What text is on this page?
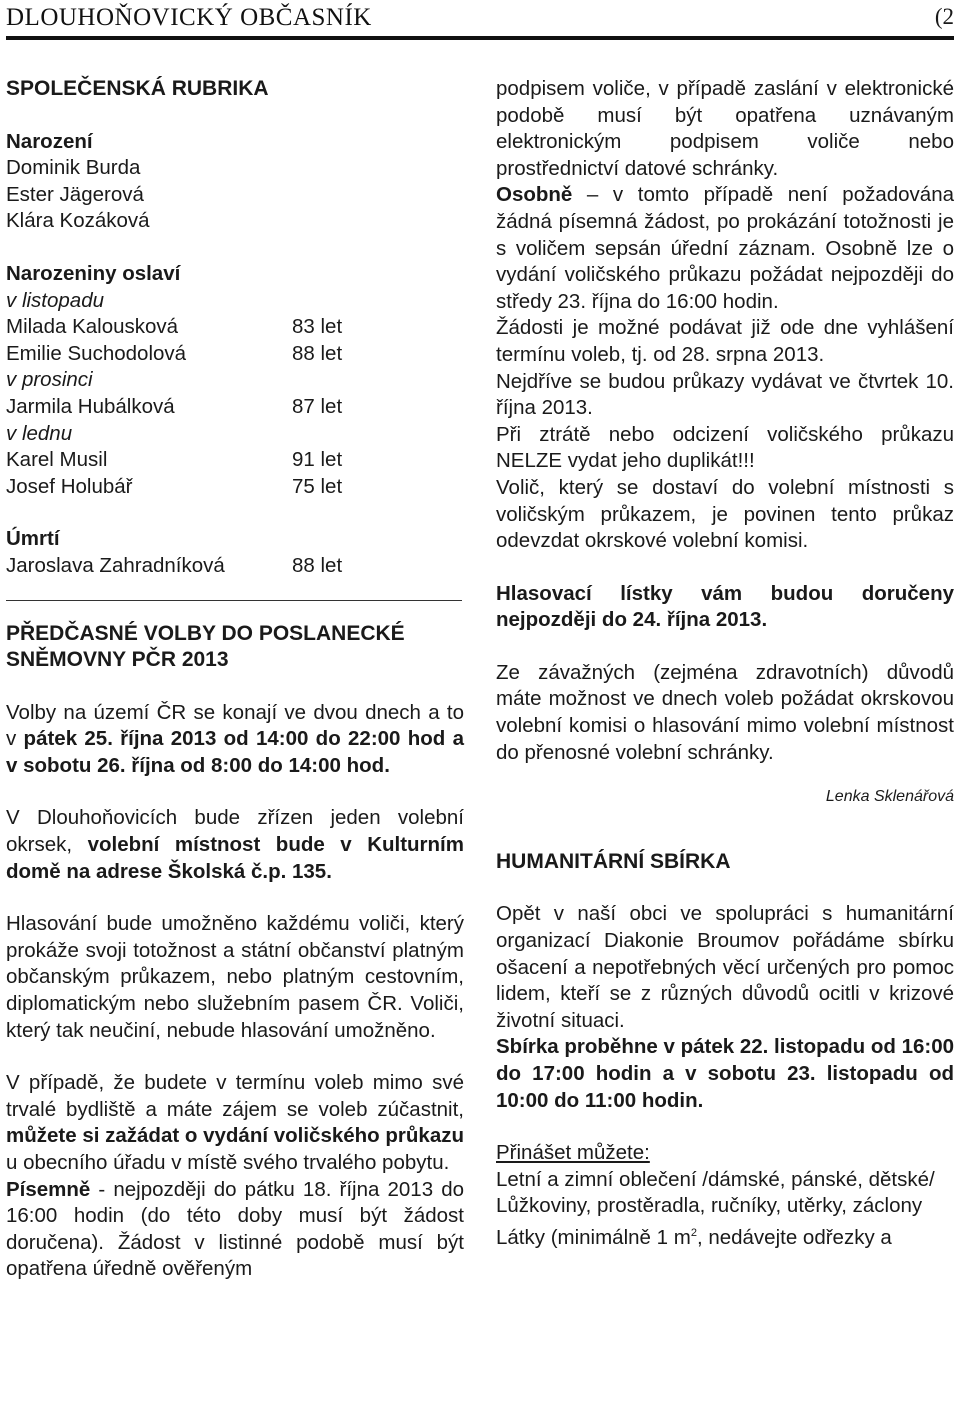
DLOUHOŇOVICKÝ OBČASNÍK	(2

SPOLEČENSKÁ RUBRIKA

Narození

Dominik Burda

Ester Jägerová

Klára Kozáková

Narozeniny oslaví

v listopadu

Milada Kalousková	83 let
Emilie Suchodolová	88 let

v prosinci

Jarmila Hubálková	87 let

v lednu

Karel Musil	91 let
Josef Holubář	75 let

Úmrtí

Jaroslava Zahradníková	88 let

PŘEDČASNÉ VOLBY DO POSLANECKÉ
SNĚMOVNY PČR 2013

Volby na území ČR se konají ve dvou dnech a to v pátek 25. října 2013 od 14:00 do 22:00 hod a v sobotu 26. října od 8:00 do 14:00 hod.

V Dlouhoňovicích bude zřízen jeden volební okrsek, volební místnost bude v Kulturním domě na adrese Školská č.p. 135.

Hlasování bude umožněno každému voliči, který prokáže svoji totožnost a státní občanství platným občanským průkazem, nebo platným cestovním, diplomatickým nebo služebním pasem ČR. Voliči, který tak neučiní, nebude hlasování umožněno.

V případě, že budete v termínu voleb mimo své trvalé bydliště a máte zájem se voleb zúčastnit, můžete si zažádat o vydání voličského průkazu u obecního úřadu v místě svého trvalého pobytu.

Písemně - nejpozději do pátku 18. října 2013 do 16:00 hodin (do této doby musí být žádost doručena). Žádost v listinné podobě musí být opatřena úředně ověřeným

podpisem voliče, v případě zaslání v elektronické podobě musí být opatřena uznávaným elektronickým podpisem voliče nebo prostřednictví datové schránky.

Osobně – v tomto případě není požadována žádná písemná žádost, po prokázání totožnosti je s voličem sepsán úřední záznam. Osobně lze o vydání voličského průkazu požádat nejpozději do středy 23. října do 16:00 hodin.

Žádosti je možné podávat již ode dne vyhlášení termínu voleb, tj. od 28. srpna 2013.

Nejdříve se budou průkazy vydávat ve čtvrtek 10. října 2013.

Při ztrátě nebo odcizení voličského průkazu NELZE vydat jeho duplikát!!!

Volič, který se dostaví do volební místnosti s voličským průkazem, je povinen tento průkaz odevzdat okrskové volební komisi.

Hlasovací lístky vám budou doručeny nejpozději do 24. října 2013.

Ze závažných (zejména zdravotních) důvodů máte možnost ve dnech voleb požádat okrskovou volební komisi o hlasování mimo volební místnost do přenosné volební schránky.

Lenka Sklenářová

HUMANITÁRNÍ SBÍRKA

Opět v naší obci ve spolupráci s humanitární organizací Diakonie Broumov pořádáme sbírku ošacení a nepotřebných věcí určených pro pomoc lidem, kteří se z různých důvodů ocitli v krizové životní situaci.

Sbírka proběhne v pátek 22. listopadu od 16:00 do 17:00 hodin a v sobotu 23. listopadu od 10:00 do 11:00 hodin.

Přinášet můžete:

Letní a zimní oblečení /dámské, pánské, dětské/

Lůžkoviny, prostěradla, ručníky, utěrky, záclony

Látky (minimálně 1 $m^2$, nedávejte odřezky a
